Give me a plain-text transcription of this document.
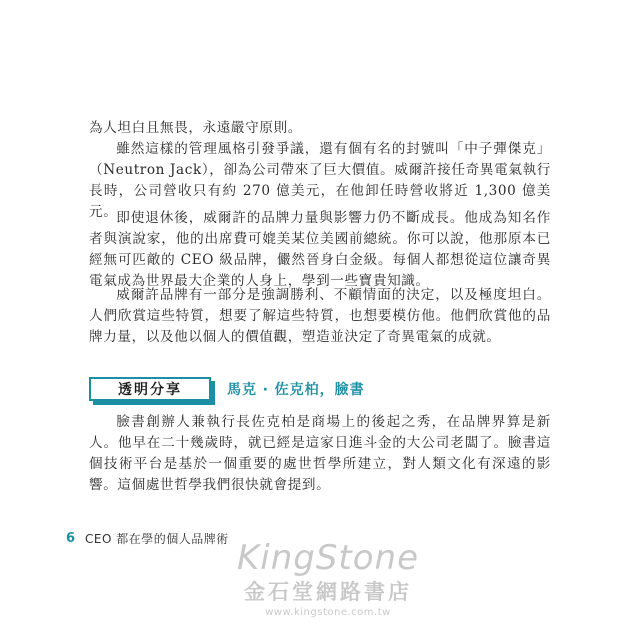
為人坦白且無畏，永遠嚴守原則。

雖然這樣的管理風格引發爭議，還有個有名的封號叫「中子彈傑克」（Neutron Jack），卻為公司帶來了巨大價值。威爾許接任奇異電氣執行長時，公司營收只有約 270 億美元，在他卸任時營收將近 1,300 億美元。

即使退休後，威爾許的品牌力量與影響力仍不斷成長。他成為知名作者與演說家，他的出席費可媲美某位美國前總統。你可以說，他那原本已經無可匹敵的 CEO 級品牌，儼然晉身白金級。每個人都想從這位讓奇異電氣成為世界最大企業的人身上，學到一些寶貴知識。

威爾許品牌有一部分是強調勝利、不顧情面的決定，以及極度坦白。人們欣賞這些特質，想要了解這些特質，也想要模仿他。他們欣賞他的品牌力量，以及他以個人的價值觀，塑造並決定了奇異電氣的成就。

透明分享	馬克 ‧ 佐克柏，臉書

臉書創辦人兼執行長佐克柏是商場上的後起之秀，在品牌界算是新人。他早在二十幾歲時，就已經是這家日進斗金的大公司老闆了。臉書這個技術平台是基於一個重要的處世哲學所建立，對人類文化有深遠的影響。這個處世哲學我們很快就會提到。

6 CEO 都在學的個人品牌術 KingStone
金石堂網路書店
www.kingstone.com.tw
